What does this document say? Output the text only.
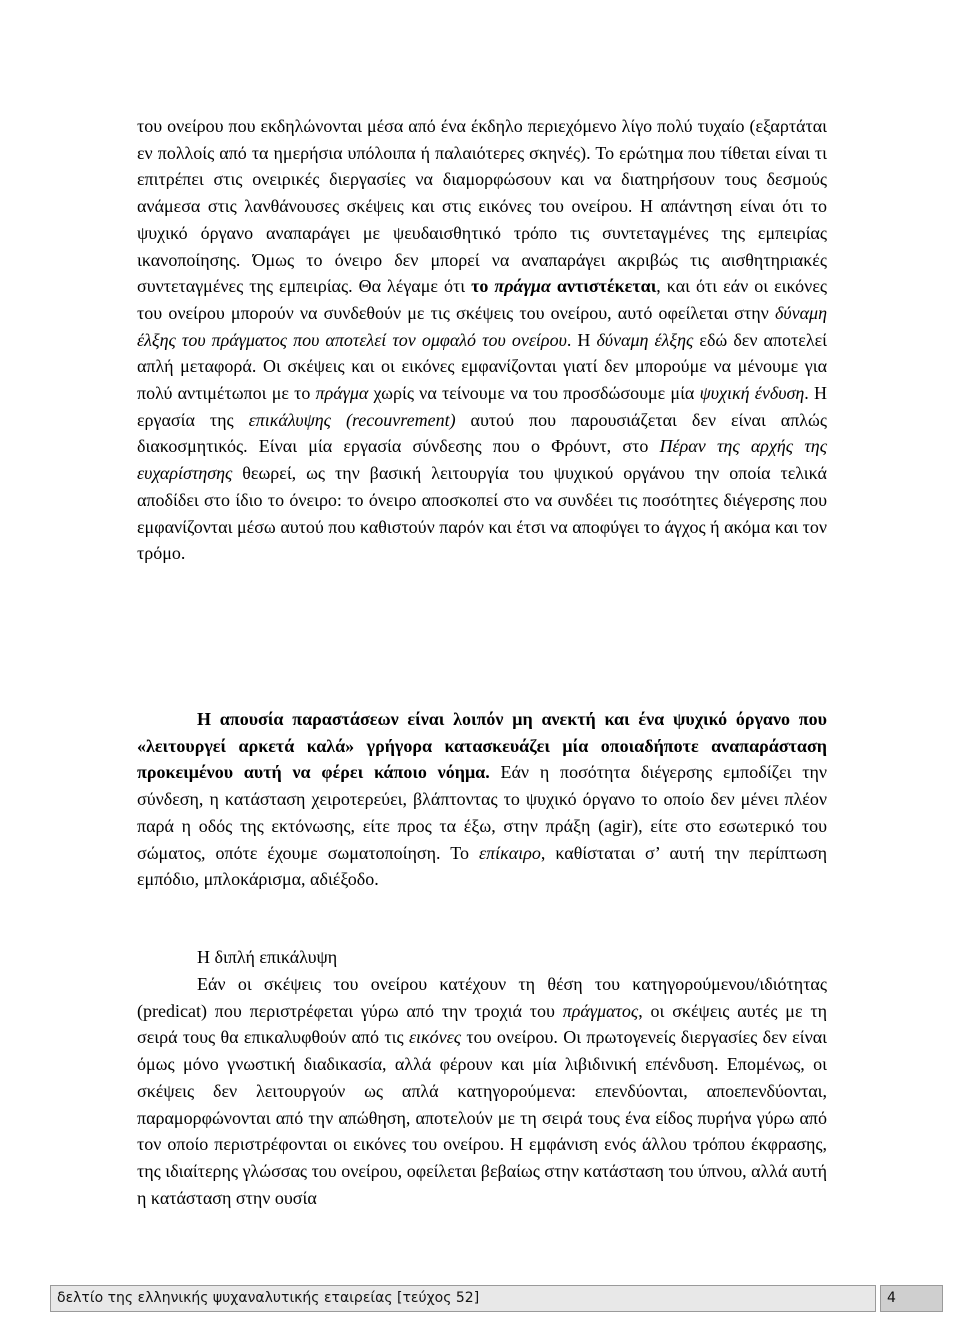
του ονείρου που εκδηλώνονται μέσα από ένα έκδηλο περιεχόμενο λίγο πολύ τυχαίο (εξαρτάται εν πολλοίς από τα ημερήσια υπόλοιπα ή παλαιότερες σκηνές). Το ερώτημα που τίθεται είναι τι επιτρέπει στις ονειρικές διεργασίες να διαμορφώσουν και να διατηρήσουν τους δεσμούς ανάμεσα στις λανθάνουσες σκέψεις και στις εικόνες του ονείρου. Η απάντηση είναι ότι το ψυχικό όργανο αναπαράγει με ψευδαισθητικό τρόπο τις συντεταγμένες της εμπειρίας ικανοποίησης. Όμως το όνειρο δεν μπορεί να αναπαράγει ακριβώς τις αισθητηριακές συντεταγμένες της εμπειρίας. Θα λέγαμε ότι το πράγμα αντιστέκεται, και ότι εάν οι εικόνες του ονείρου μπορούν να συνδεθούν με τις σκέψεις του ονείρου, αυτό οφείλεται στην δύναμη έλξης του πράγματος που αποτελεί τον ομφαλό του ονείρου. Η δύναμη έλξης εδώ δεν αποτελεί απλή μεταφορά. Οι σκέψεις και οι εικόνες εμφανίζονται γιατί δεν μπορούμε να μένουμε για πολύ αντιμέτωποι με το πράγμα χωρίς να τείνουμε να του προσδώσουμε μία ψυχική ένδυση. Η εργασία της επικάλυψης (recouvrement) αυτού που παρουσιάζεται δεν είναι απλώς διακοσμητικός. Είναι μία εργασία σύνδεσης που ο Φρόυντ, στο Πέραν της αρχής της ευχαρίστησης θεωρεί, ως την βασική λειτουργία του ψυχικού οργάνου την οποία τελικά αποδίδει στο ίδιο το όνειρο: το όνειρο αποσκοπεί στο να συνδέει τις ποσότητες διέγερσης που εμφανίζονται μέσω αυτού που καθιστούν παρόν και έτσι να αποφύγει το άγχος ή ακόμα και τον τρόμο.
Η απουσία παραστάσεων είναι λοιπόν μη ανεκτή και ένα ψυχικό όργανο που «λειτουργεί αρκετά καλά» γρήγορα κατασκευάζει μία οποιαδήποτε αναπαράσταση προκειμένου αυτή να φέρει κάποιο νόημα. Εάν η ποσότητα διέγερσης εμποδίζει την σύνδεση, η κατάσταση χειροτερεύει, βλάπτοντας το ψυχικό όργανο το οποίο δεν μένει πλέον παρά η οδός της εκτόνωσης, είτε προς τα έξω, στην πράξη (agir), είτε στο εσωτερικό του σώματος, οπότε έχουμε σωματοποίηση. Το επίκαιρο, καθίσταται σ’ αυτή την περίπτωση εμπόδιο, μπλοκάρισμα, αδιέξοδο.
Η διπλή επικάλυψη
Εάν οι σκέψεις του ονείρου κατέχουν τη θέση του κατηγορούμενου/ιδιότητας (predicat) που περιστρέφεται γύρω από την τροχιά του πράγματος, οι σκέψεις αυτές με τη σειρά τους θα επικαλυφθούν από τις εικόνες του ονείρου. Οι πρωτογενείς διεργασίες δεν είναι όμως μόνο γνωστική διαδικασία, αλλά φέρουν και μία λιβιδινική επένδυση. Επομένως, οι σκέψεις δεν λειτουργούν ως απλά κατηγορούμενα: επενδύονται, αποεπενδύονται, παραμορφώνονται από την απώθηση, αποτελούν με τη σειρά τους ένα είδος πυρήνα γύρω από τον οποίο περιστρέφονται οι εικόνες του ονείρου. Η εμφάνιση ενός άλλου τρόπου έκφρασης, της ιδιαίτερης γλώσσας του ονείρου, οφείλεται βεβαίως στην κατάσταση του ύπνου, αλλά αυτή η κατάσταση στην ουσία
δελτίο της ελληνικής ψυχαναλυτικής εταιρείας [τεύχος 52]	4
